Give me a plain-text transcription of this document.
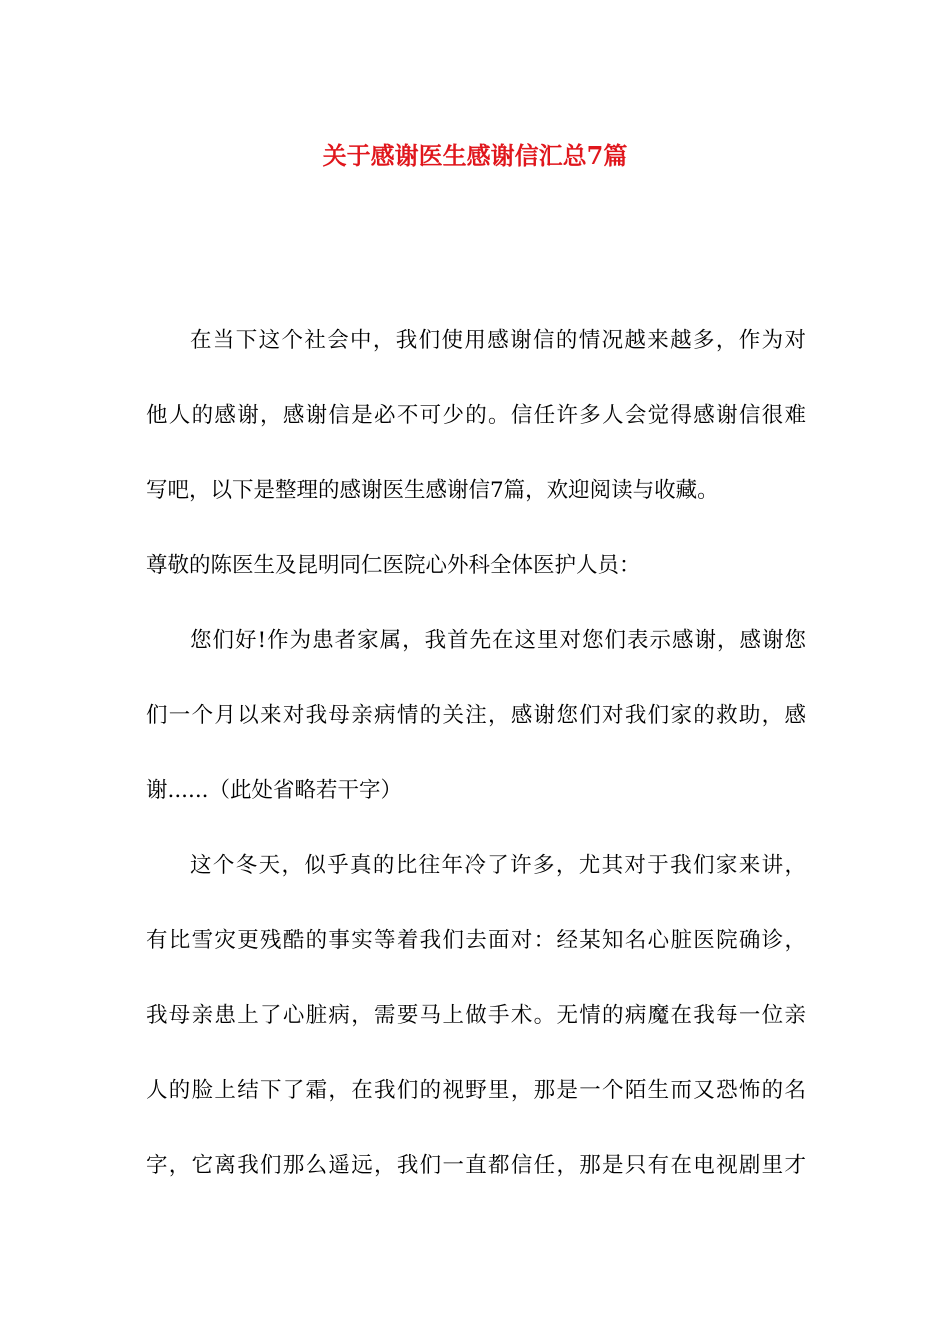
关于感谢医生感谢信汇总7篇
在当下这个社会中，我们使用感谢信的情况越来越多，作为对
他人的感谢，感谢信是必不可少的。信任许多人会觉得感谢信很难
写吧，以下是整理的感谢医生感谢信7篇，欢迎阅读与收藏。
尊敬的陈医生及昆明同仁医院心外科全体医护人员：
您们好!作为患者家属，我首先在这里对您们表示感谢，感谢您
们一个月以来对我母亲病情的关注，感谢您们对我们家的救助，感
谢......（此处省略若干字）
这个冬天，似乎真的比往年冷了许多，尤其对于我们家来讲，
有比雪灾更残酷的事实等着我们去面对：经某知名心脏医院确诊，
我母亲患上了心脏病，需要马上做手术。无情的病魔在我每一位亲
人的脸上结下了霜，在我们的视野里，那是一个陌生而又恐怖的名
字，它离我们那么遥远，我们一直都信任，那是只有在电视剧里才
